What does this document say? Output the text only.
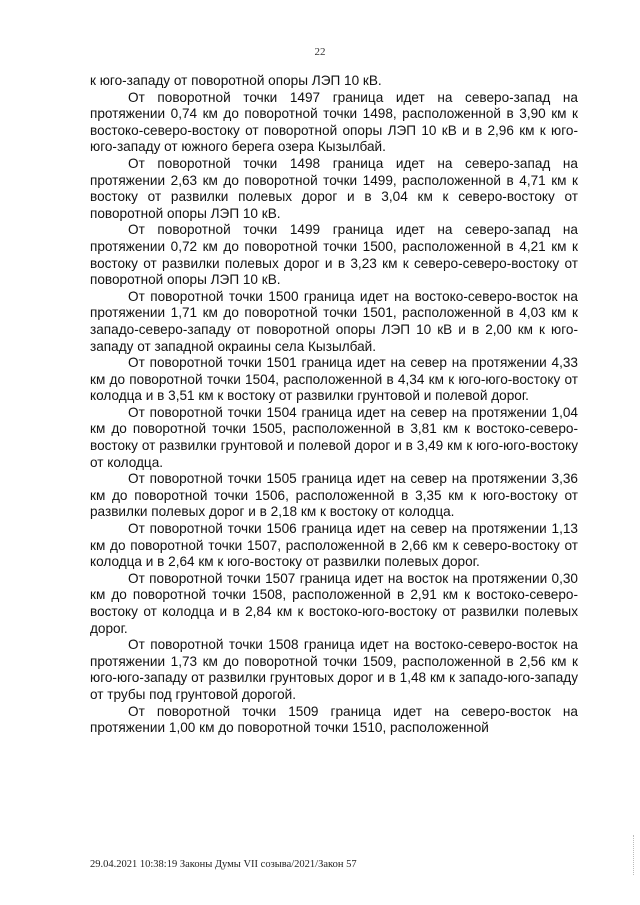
22

к юго-западу от поворотной опоры ЛЭП 10 кВ.

От поворотной точки 1497 граница идет на северо-запад на протяжении 0,74 км до поворотной точки 1498, расположенной в 3,90 км к востоко-северо-востоку от поворотной опоры ЛЭП 10 кВ и в 2,96 км к юго-юго-западу от южного берега озера Кызылбай.

От поворотной точки 1498 граница идет на северо-запад на протяжении 2,63 км до поворотной точки 1499, расположенной в 4,71 км к востоку от развилки полевых дорог и в 3,04 км к северо-востоку от поворотной опоры ЛЭП 10 кВ.

От поворотной точки 1499 граница идет на северо-запад на протяжении 0,72 км до поворотной точки 1500, расположенной в 4,21 км к востоку от развилки полевых дорог и в 3,23 км к северо-северо-востоку от поворотной опоры ЛЭП 10 кВ.

От поворотной точки 1500 граница идет на востоко-северо-восток на протяжении 1,71 км до поворотной точки 1501, расположенной в 4,03 км к западо-северо-западу от поворотной опоры ЛЭП 10 кВ и в 2,00 км к юго-западу от западной окраины села Кызылбай.

От поворотной точки 1501 граница идет на север на протяжении 4,33 км до поворотной точки 1504, расположенной в 4,34 км к юго-юго-востоку от колодца и в 3,51 км к востоку от развилки грунтовой и полевой дорог.

От поворотной точки 1504 граница идет на север на протяжении 1,04 км до поворотной точки 1505, расположенной в 3,81 км к востоко-северо-востоку от развилки грунтовой и полевой дорог и в 3,49 км к юго-юго-востоку от колодца.

От поворотной точки 1505 граница идет на север на протяжении 3,36 км до поворотной точки 1506, расположенной в 3,35 км к юго-востоку от развилки полевых дорог и в 2,18 км к востоку от колодца.

От поворотной точки 1506 граница идет на север на протяжении 1,13 км до поворотной точки 1507, расположенной в 2,66 км к северо-востоку от колодца и в 2,64 км к юго-востоку от развилки полевых дорог.

От поворотной точки 1507 граница идет на восток на протяжении 0,30 км до поворотной точки 1508, расположенной в 2,91 км к востоко-северо-востоку от колодца и в 2,84 км к востоко-юго-востоку от развилки полевых дорог.

От поворотной точки 1508 граница идет на востоко-северо-восток на протяжении 1,73 км до поворотной точки 1509, расположенной в 2,56 км к юго-юго-западу от развилки грунтовых дорог и в 1,48 км к западо-юго-западу от трубы под грунтовой дорогой.

От поворотной точки 1509 граница идет на северо-восток на протяжении 1,00 км до поворотной точки 1510, расположенной

29.04.2021 10:38:19 Законы Думы VII созыва/2021/Закон 57
